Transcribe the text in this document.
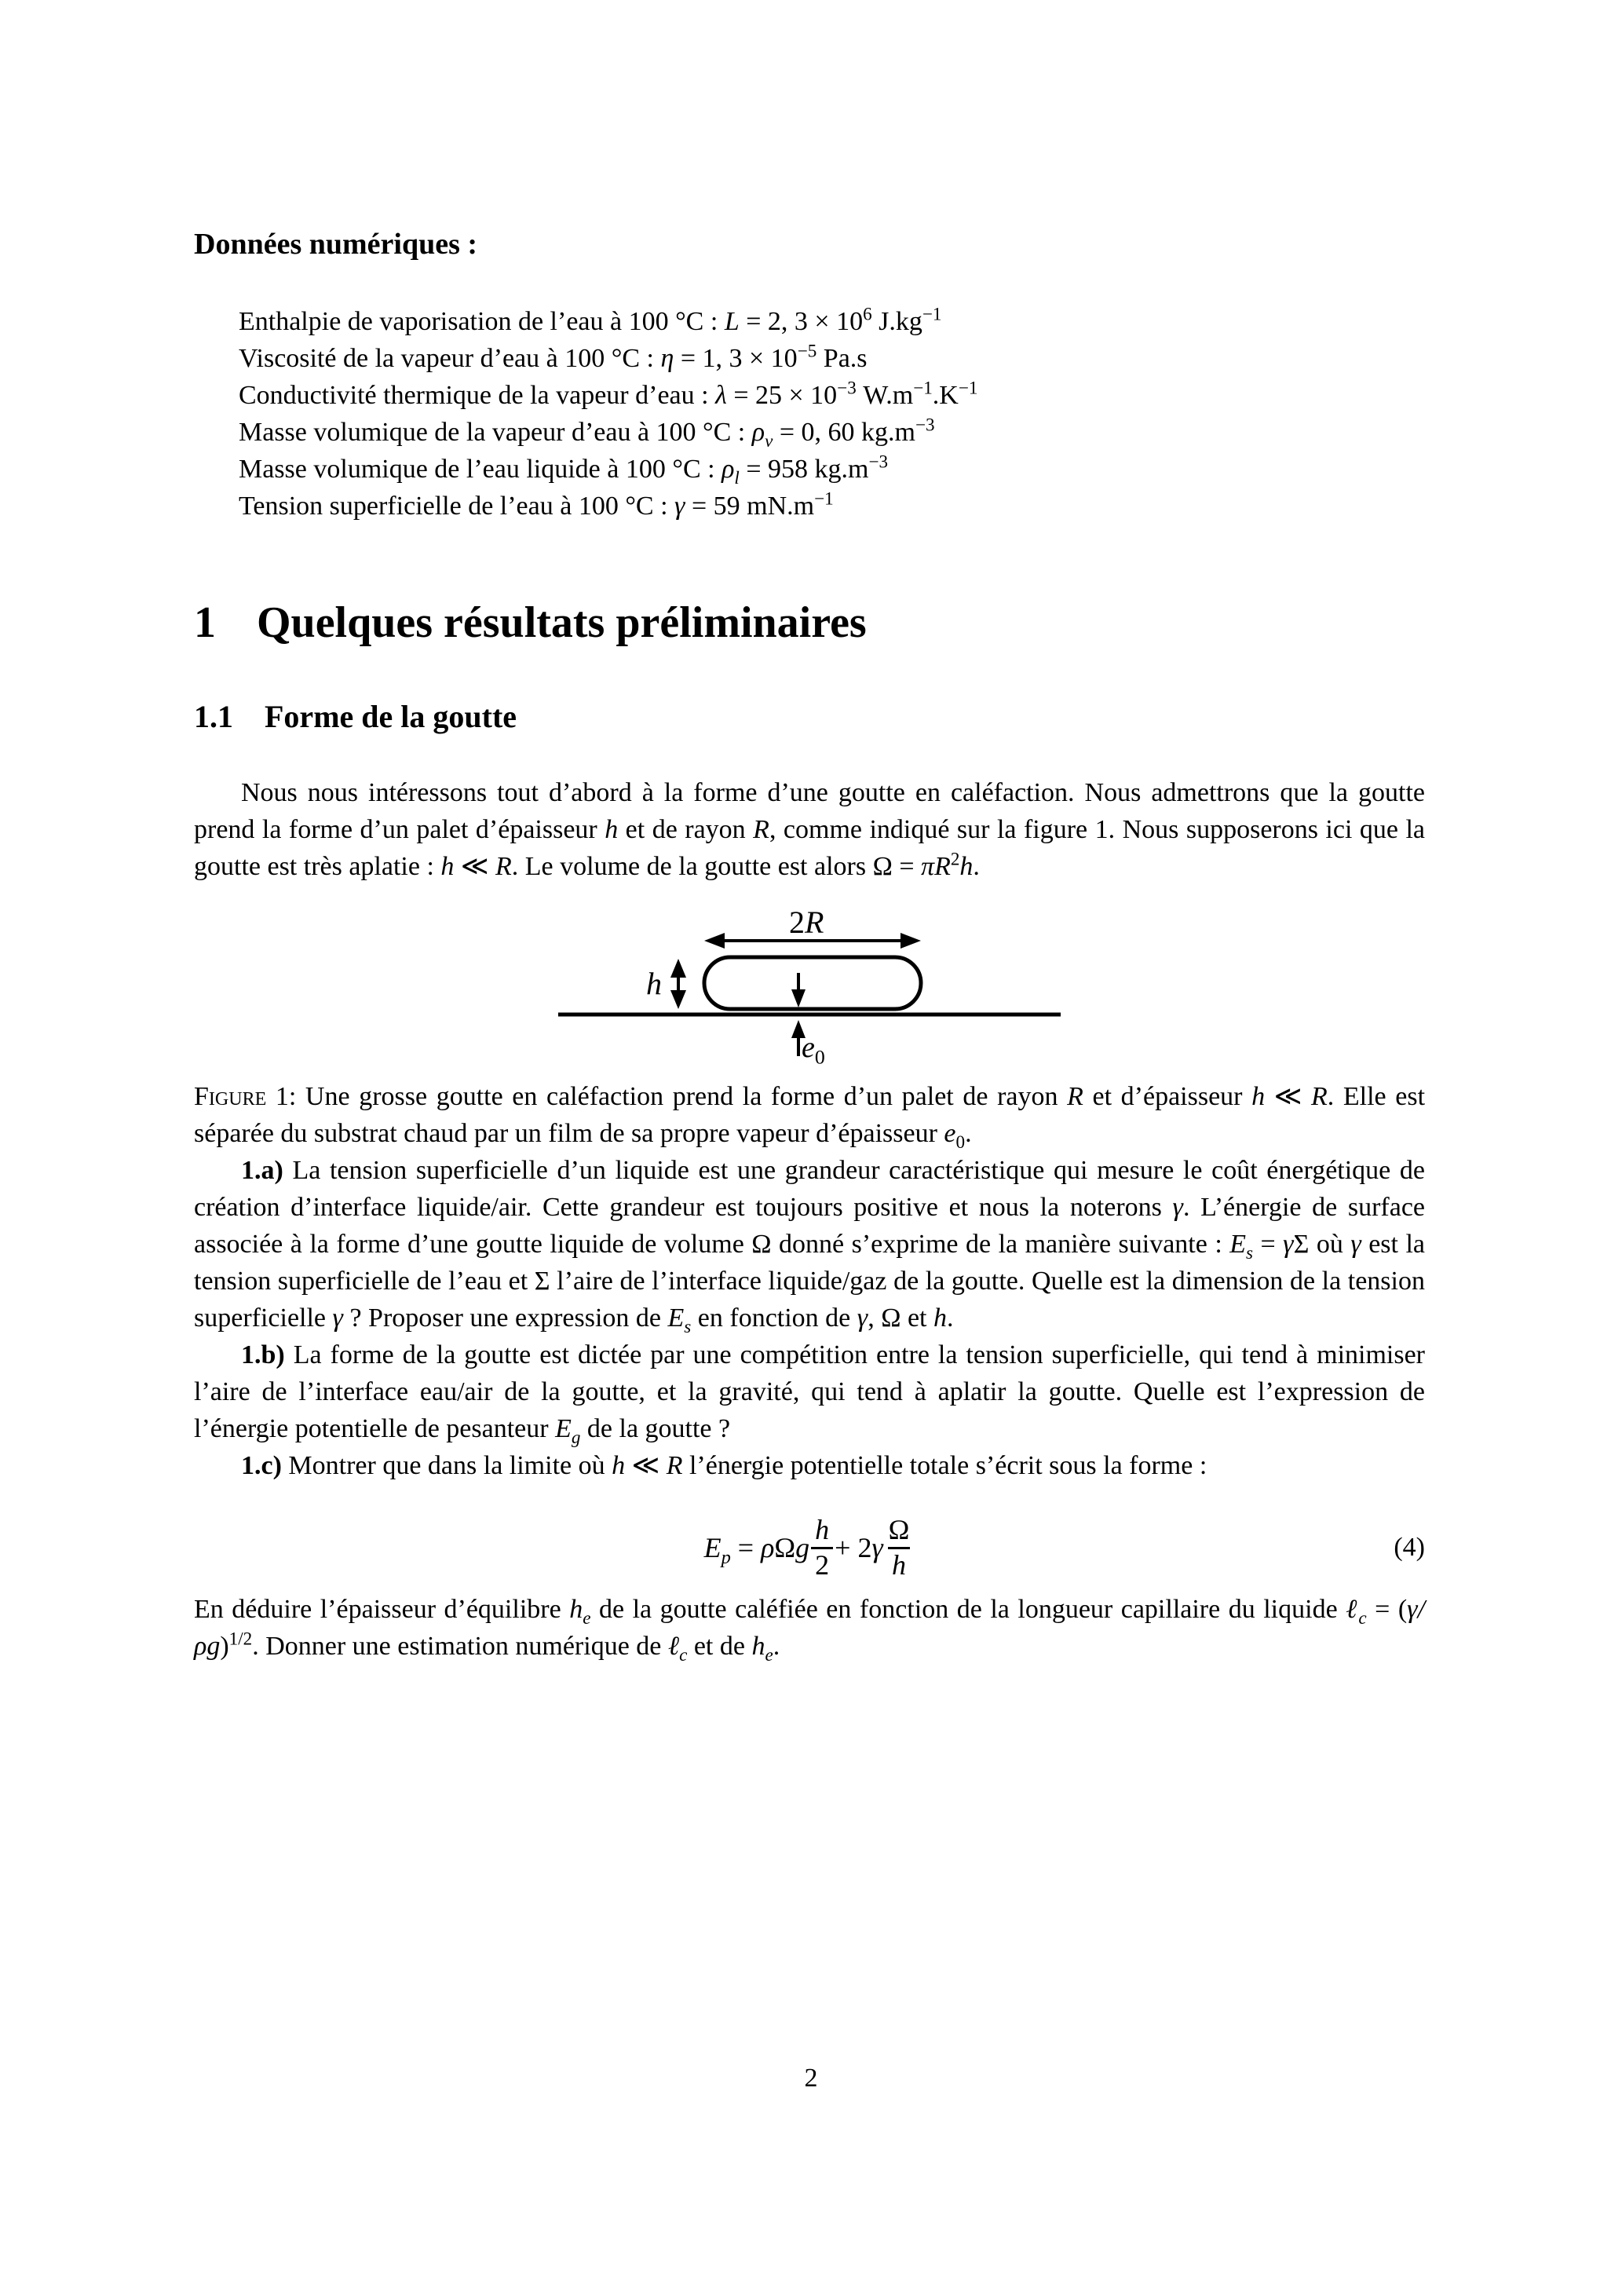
Données numériques :
Enthalpie de vaporisation de l’eau à 100 °C : L = 2, $3 \times 10^6$ $J.kg^{-1}$
Viscosité de la vapeur d’eau à 100 °C : η = 1, $3 \times 10^{-5}$ Pa.s
Conductivité thermique de la vapeur d’eau : $\lambda = 25 \times 10^{-3}$ $W.m^{-1}.K^{-1}$
Masse volumique de la vapeur d’eau à 100 °C : $\rho_v = 0$, 60 $kg.m^{-3}$
Masse volumique de l’eau liquide à 100 °C : $\rho_l = 958$ $kg.m^{-3}$
Tension superficielle de l’eau à 100 °C : γ = 59 $mN.m^{-1}$
1 Quelques résultats préliminaires
1.1 Forme de la goutte

Nous nous intéressons tout d’abord à la forme d’une goutte en caléfaction. Nous admettrons que la goutte prend la forme d’un palet d’épaisseur h et de rayon R, comme indiqué sur la figure 1. Nous supposerons ici que la goutte est très aplatie : h ≪ R. Le volume de la goutte est alors $\Omega = \pi R^2h$.

2R
h
$e_0$

Figure 1: Une grosse goutte en caléfaction prend la forme d’un palet de rayon R et d’épaisseur h ≪ R. Elle est séparée du substrat chaud par un film de sa propre vapeur d’épaisseur $e_0$.

1.a) La tension superficielle d’un liquide est une grandeur caractéristique qui mesure le coût énergétique de création d’interface liquide/air. Cette grandeur est toujours positive et nous la noterons γ. L’énergie de surface associée à la forme d’une goutte liquide de volume Ω donné s’exprime de la manière suivante : $E_s = \gamma\Sigma$ où γ est la tension superficielle de l’eau et Σ l’aire de l’interface liquide/gaz de la goutte. Quelle est la dimension de la tension superficielle γ ? Proposer une expression de $E_s$ en fonction de γ, Ω et h.

1.b) La forme de la goutte est dictée par une compétition entre la tension superficielle, qui tend à minimiser l’aire de l’interface eau/air de la goutte, et la gravité, qui tend à aplatir la goutte. Quelle est l’expression de l’énergie potentielle de pesanteur $E_g$ de la goutte ?

1.c) Montrer que dans la limite où h ≪ R l’énergie potentielle totale s’écrit sous la forme :

$E_p = \rho\Omega g \frac{h}{2} + 2\gamma \frac{\Omega}{h}$	(4)

En déduire l’épaisseur d’équilibre $h_e$ de la goutte caléfiée en fonction de la longueur capillaire du liquide ℓ$_c$ = $(\gamma/\rho g)^{1/2}$. Donner une estimation numérique de ℓ$_c$ et de $h_e$.

2
